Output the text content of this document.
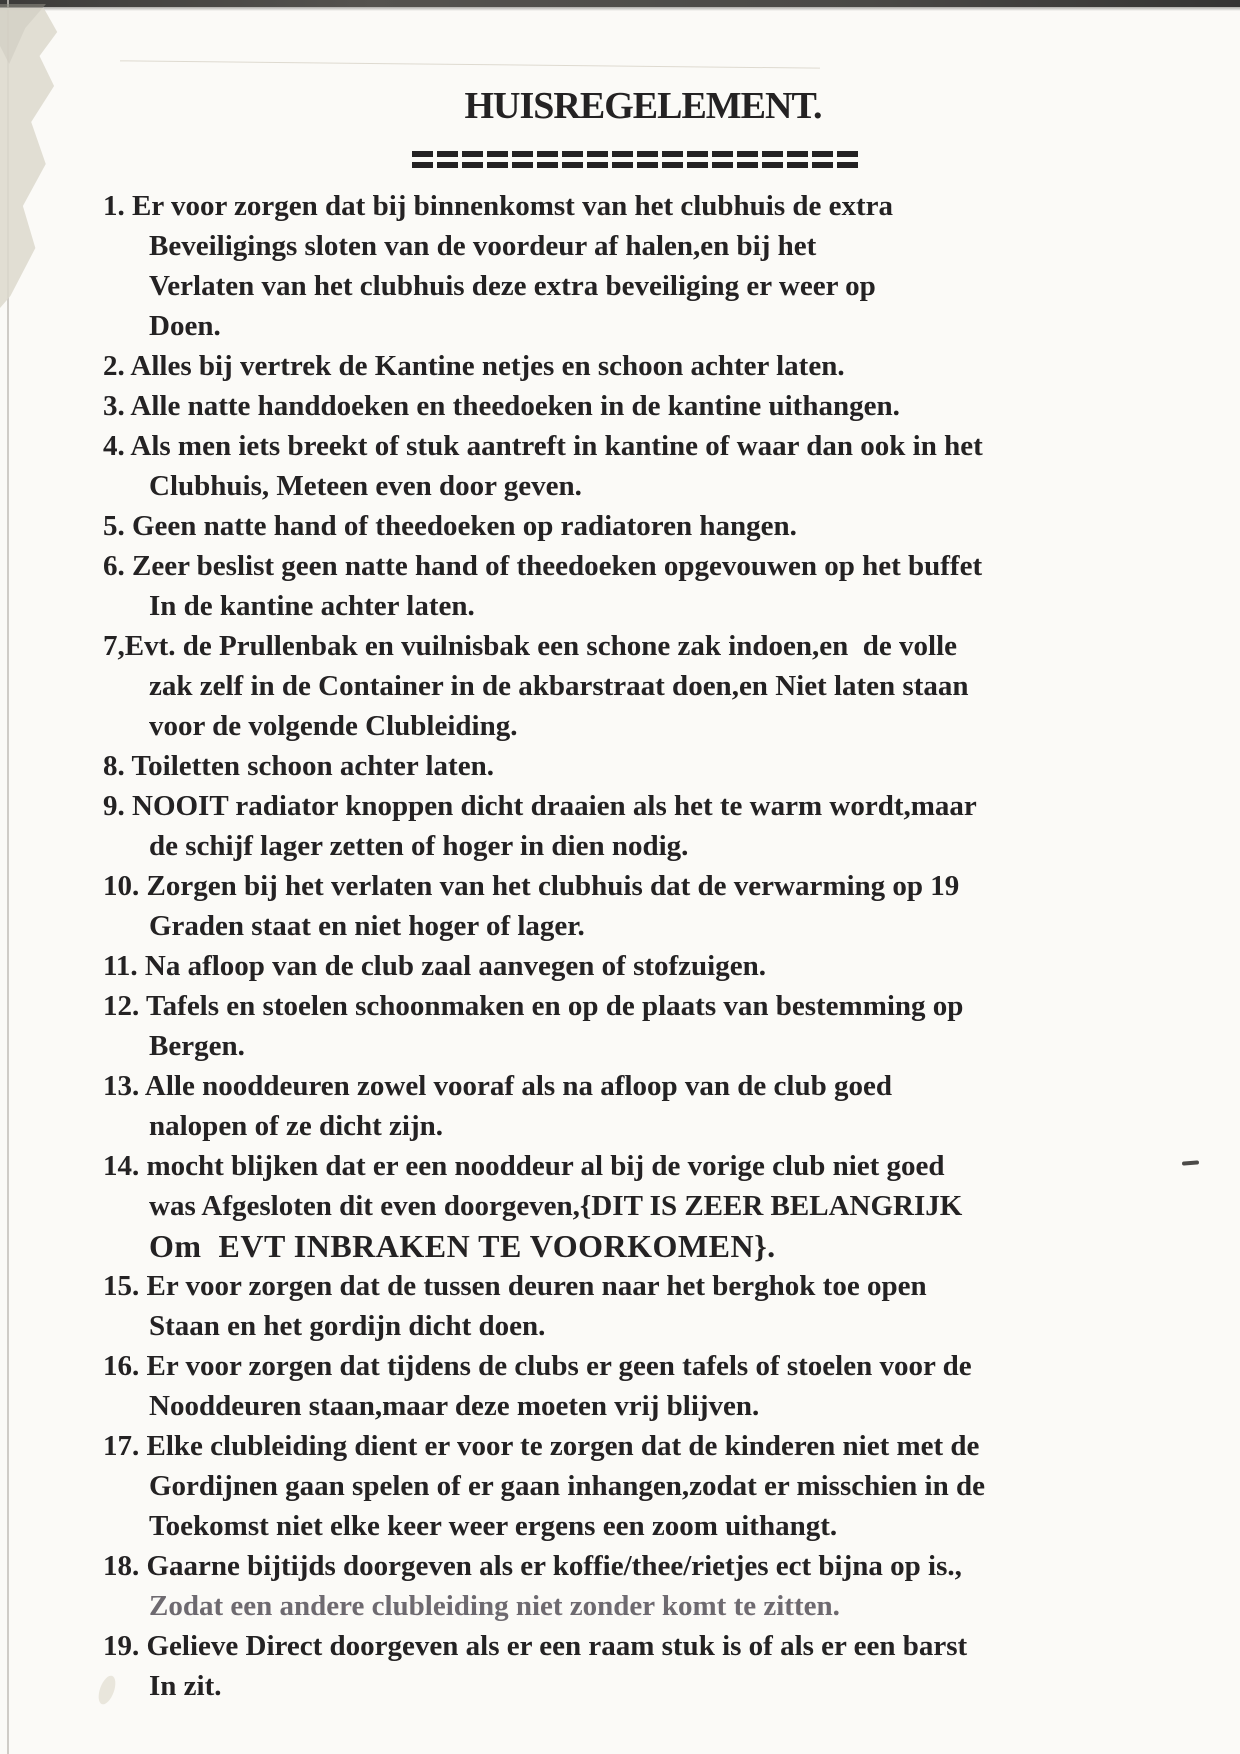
HUISREGELEMENT.
1. Er voor zorgen dat bij binnenkomst van het clubhuis de extra
Beveiligings sloten van de voordeur af halen,en bij het
Verlaten van het clubhuis deze extra beveiliging er weer op
Doen.
2. Alles bij vertrek de Kantine netjes en schoon achter laten.
3. Alle natte handdoeken en theedoeken in de kantine uithangen.
4. Als men iets breekt of stuk aantreft in kantine of waar dan ook in het
Clubhuis, Meteen even door geven.
5. Geen natte hand of theedoeken op radiatoren hangen.
6. Zeer beslist geen natte hand of theedoeken opgevouwen op het buffet
In de kantine achter laten.
7,Evt. de Prullenbak en vuilnisbak een schone zak indoen,en  de volle
zak zelf in de Container in de akbarstraat doen,en Niet laten staan
voor de volgende Clubleiding.
8. Toiletten schoon achter laten.
9. NOOIT radiator knoppen dicht draaien als het te warm wordt,maar
de schijf lager zetten of hoger in dien nodig.
10. Zorgen bij het verlaten van het clubhuis dat de verwarming op 19
Graden staat en niet hoger of lager.
11. Na afloop van de club zaal aanvegen of stofzuigen.
12. Tafels en stoelen schoonmaken en op de plaats van bestemming op
Bergen.
13. Alle nooddeuren zowel vooraf als na afloop van de club goed
nalopen of ze dicht zijn.
14. mocht blijken dat er een nooddeur al bij de vorige club niet goed
was Afgesloten dit even doorgeven,{DIT IS ZEER BELANGRIJK
Om  EVT INBRAKEN TE VOORKOMEN}.
15. Er voor zorgen dat de tussen deuren naar het berghok toe open
Staan en het gordijn dicht doen.
16. Er voor zorgen dat tijdens de clubs er geen tafels of stoelen voor de
Nooddeuren staan,maar deze moeten vrij blijven.
17. Elke clubleiding dient er voor te zorgen dat de kinderen niet met de
Gordijnen gaan spelen of er gaan inhangen,zodat er misschien in de
Toekomst niet elke keer weer ergens een zoom uithangt.
18. Gaarne bijtijds doorgeven als er koffie/thee/rietjes ect bijna op is.,
Zodat een andere clubleiding niet zonder komt te zitten.
19. Gelieve Direct doorgeven als er een raam stuk is of als er een barst
In zit.
